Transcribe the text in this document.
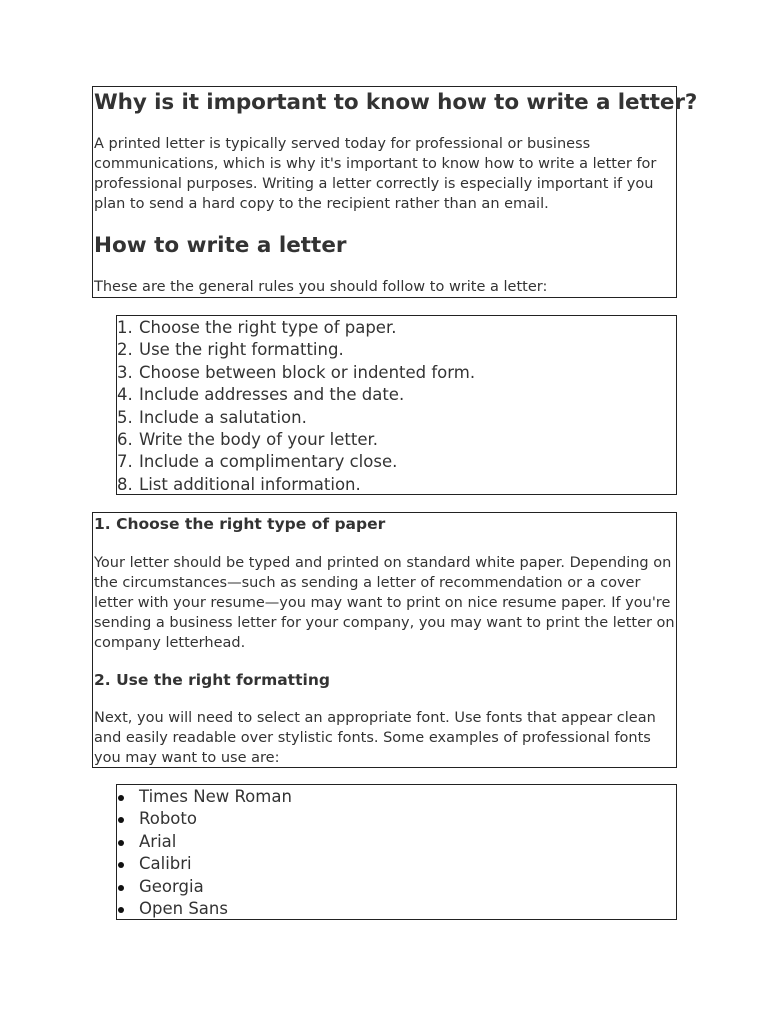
Why is it important to know how to write a letter?

A printed letter is typically served today for professional or business
communications, which is why it's important to know how to write a letter for
professional purposes. Writing a letter correctly is especially important if you
plan to send a hard copy to the recipient rather than an email.

How to write a letter

These are the general rules you should follow to write a letter:

1. Choose the right type of paper.
2. Use the right formatting.
3. Choose between block or indented form.
4. Include addresses and the date.
5. Include a salutation.
6. Write the body of your letter.
7. Include a complimentary close.
8. List additional information.
1. Choose the right type of paper

Your letter should be typed and printed on standard white paper. Depending on
the circumstances—such as sending a letter of recommendation or a cover
letter with your resume—you may want to print on nice resume paper. If you're
sending a business letter for your company, you may want to print the letter on
company letterhead.

2. Use the right formatting

Next, you will need to select an appropriate font. Use fonts that appear clean
and easily readable over stylistic fonts. Some examples of professional fonts
you may want to use are:

Times New Roman
Roboto
Arial
Calibri
Georgia
Open Sans
